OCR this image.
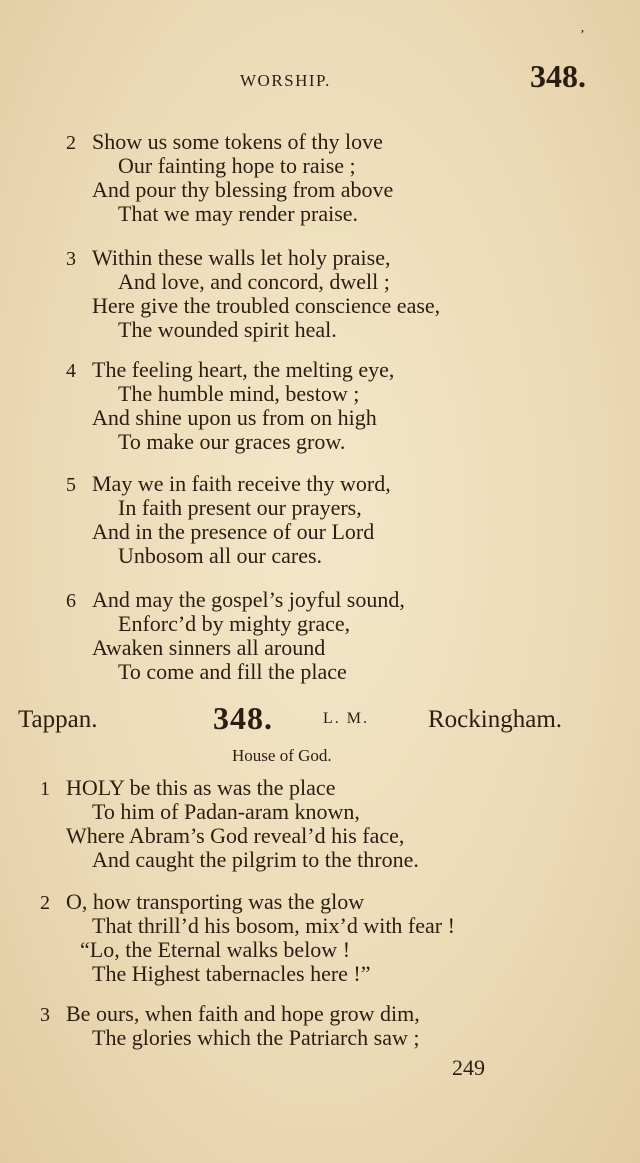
’
WORSHIP.	348.
2 Show us some tokens of thy love
Our fainting hope to raise ;
And pour thy blessing from above
That we may render praise.
3 Within these walls let holy praise,
And love, and concord, dwell ;
Here give the troubled conscience ease,
The wounded spirit heal.
4 The feeling heart, the melting eye,
The humble mind, bestow ;
And shine upon us from on high
To make our graces grow.
5 May we in faith receive thy word,
In faith present our prayers,
And in the presence of our Lord
Unbosom all our cares.
6 And may the gospel’s joyful sound,
Enforc’d by mighty grace,
Awaken sinners all around
To come and fill the place
Tappan.	348.	L. M. Rockingham.
House of God.
1 HOLY be this as was the place
To him of Padan-aram known,
Where Abram’s God reveal’d his face,
And caught the pilgrim to the throne.
2 O, how transporting was the glow
That thrill’d his bosom, mix’d with fear !
“Lo, the Eternal walks below !
The Highest tabernacles here !”
3 Be ours, when faith and hope grow dim,
The glories which the Patriarch saw ;
249
